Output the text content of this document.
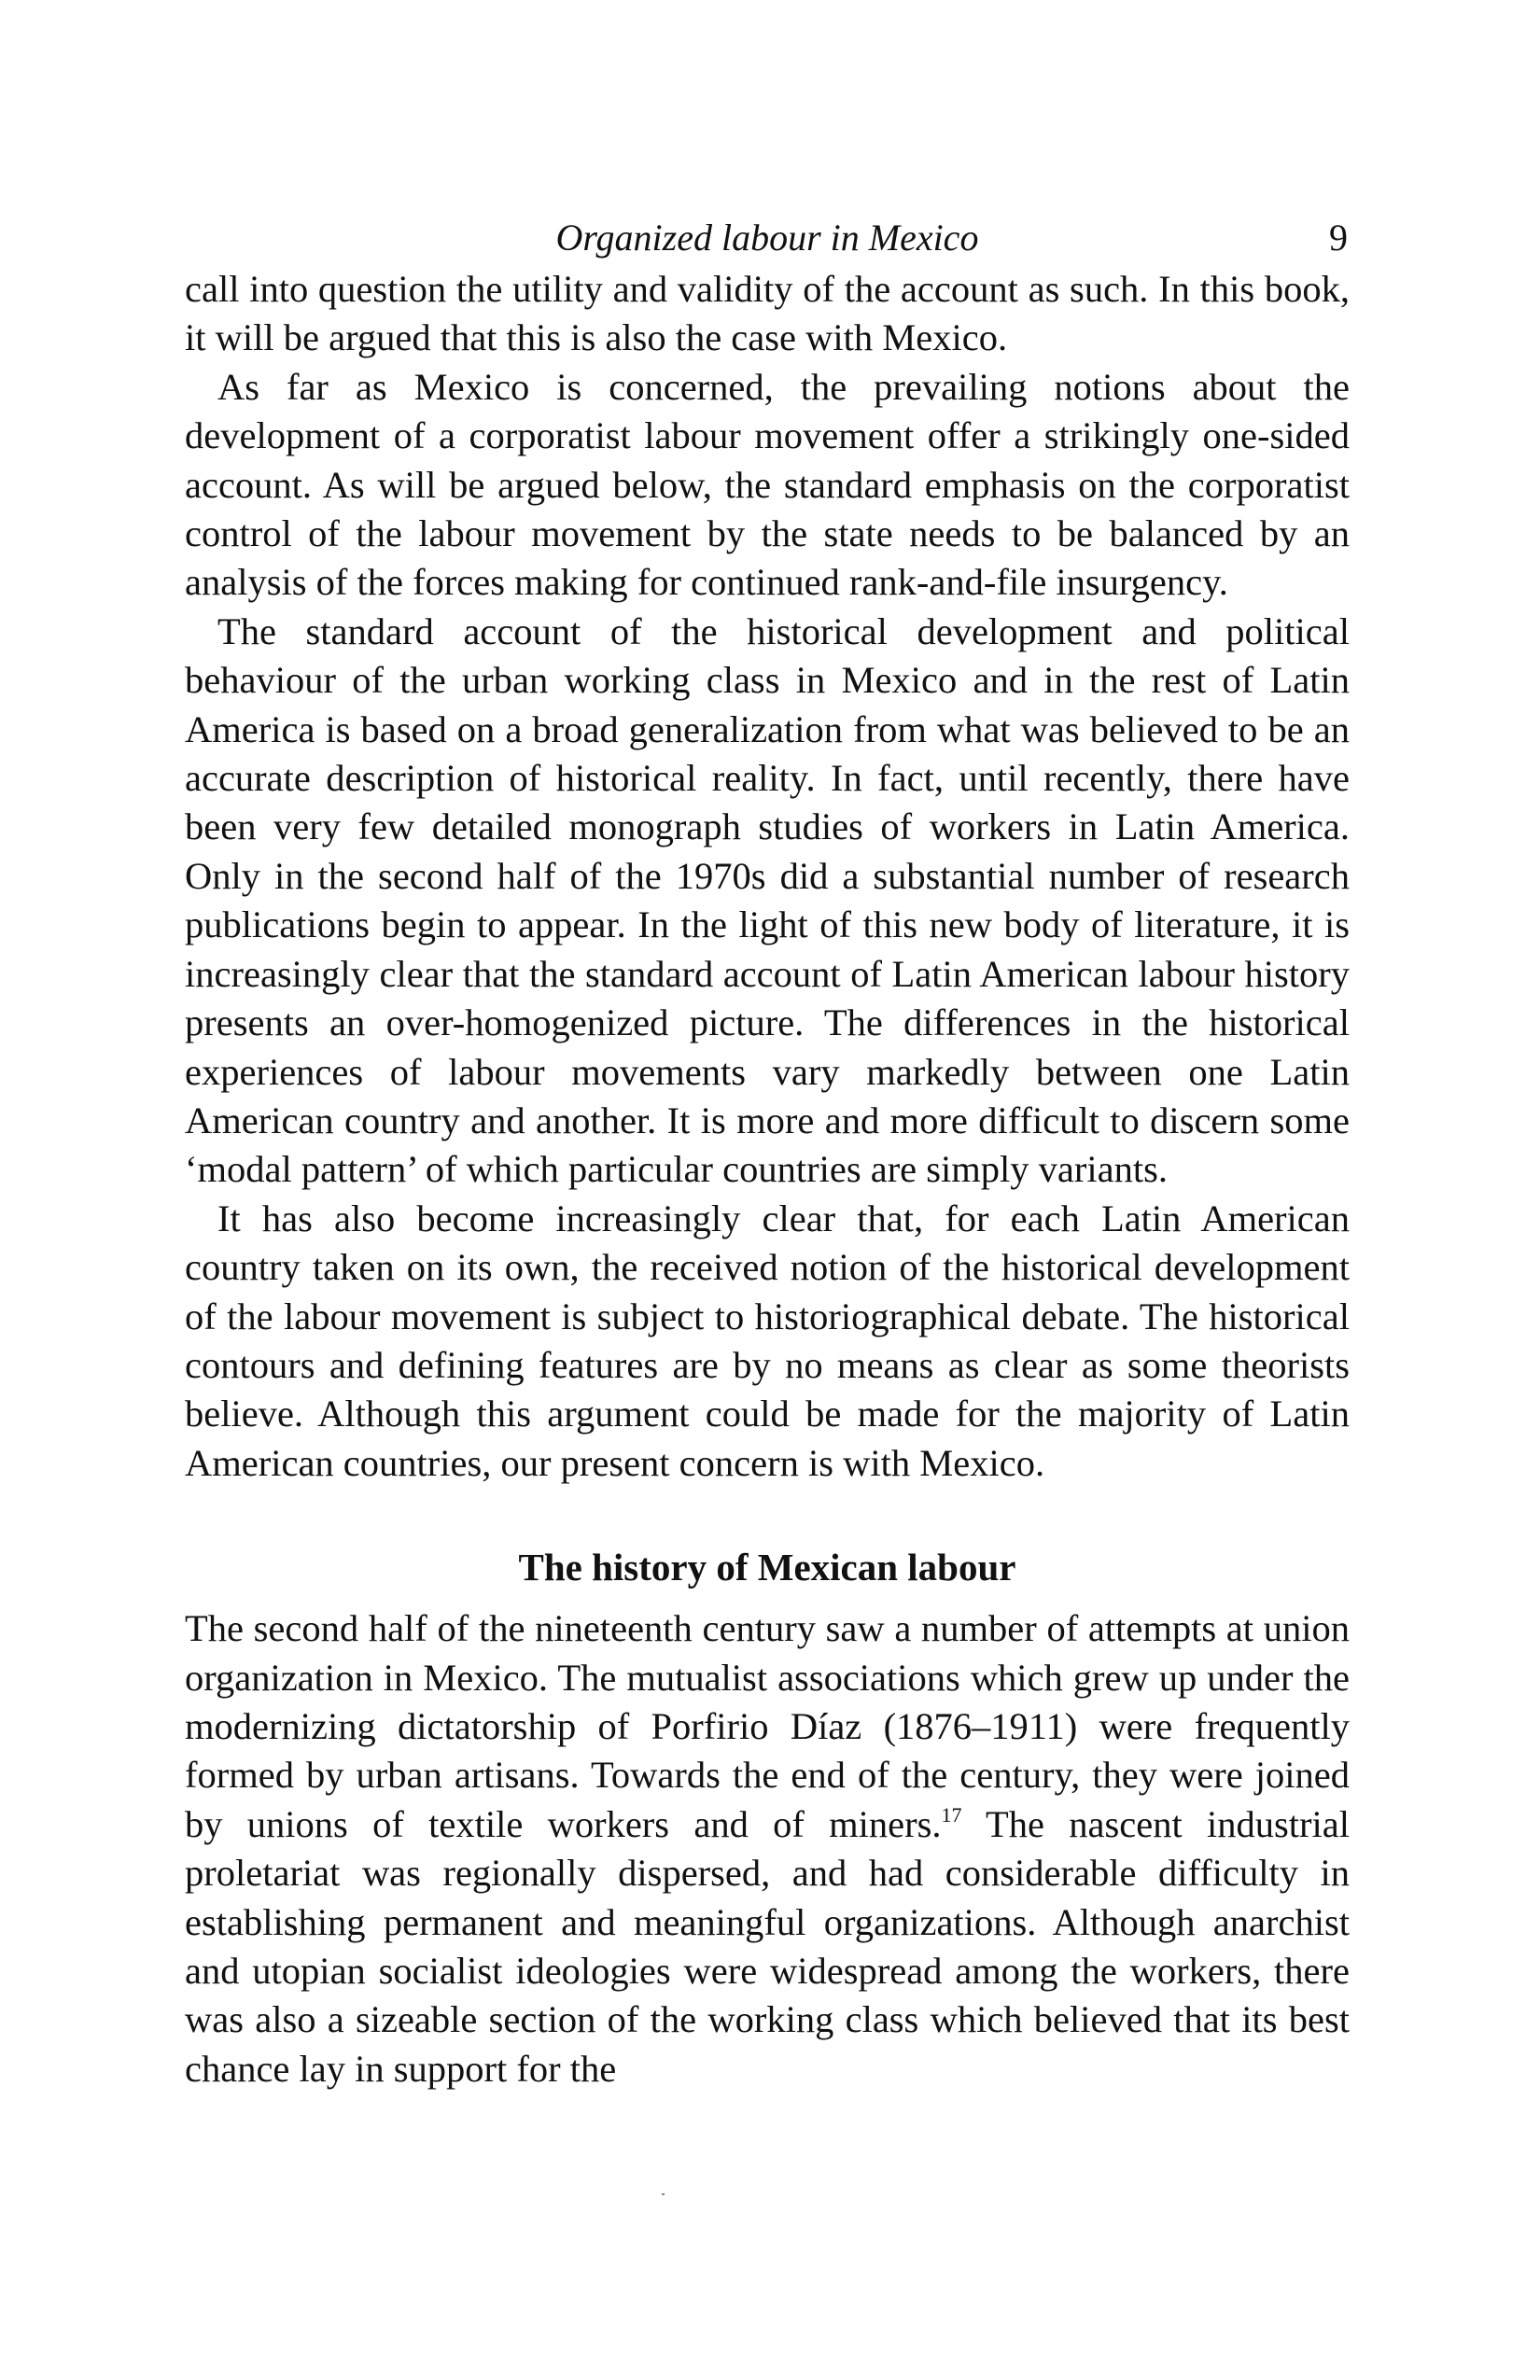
Organized labour in Mexico	9

call into question the utility and validity of the account as such. In this book, it will be argued that this is also the case with Mexico.

As far as Mexico is concerned, the prevailing notions about the development of a corporatist labour movement offer a strikingly one-sided account. As will be argued below, the standard emphasis on the corporatist control of the labour movement by the state needs to be balanced by an analysis of the forces making for continued rank-and-file insurgency.

The standard account of the historical development and political behaviour of the urban working class in Mexico and in the rest of Latin America is based on a broad generalization from what was believed to be an accurate description of historical reality. In fact, until recently, there have been very few detailed monograph studies of workers in Latin America. Only in the second half of the 1970s did a substantial number of research publications begin to appear. In the light of this new body of literature, it is increasingly clear that the standard account of Latin American labour history presents an over-homogenized picture. The differences in the historical experiences of labour movements vary markedly between one Latin American country and another. It is more and more difficult to discern some ‘modal pattern’ of which particular countries are simply variants.

It has also become increasingly clear that, for each Latin American country taken on its own, the received notion of the historical development of the labour movement is subject to historiographical debate. The historical contours and defining features are by no means as clear as some theorists believe. Although this argument could be made for the majority of Latin American countries, our present concern is with Mexico.

The history of Mexican labour

The second half of the nineteenth century saw a number of attempts at union organization in Mexico. The mutualist associations which grew up under the modernizing dictatorship of Porfirio Díaz (1876–1911) were frequently formed by urban artisans. Towards the end of the century, they were joined by unions of textile workers and of miners.$^{17}$ The nascent industrial proletariat was regionally dispersed, and had considerable difficulty in establishing permanent and meaningful organizations. Although anarchist and utopian socialist ideologies were widespread among the workers, there was also a sizeable section of the working class which believed that its best chance lay in support for the
